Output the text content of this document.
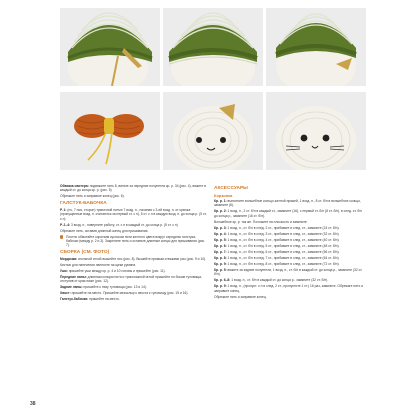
Обвязка свитера: подвяжите нить 8, виньте за передние полупетли кр. р. 34 (рис. 4), вяжите в каждый ст. до конца кр. р. (рис. 5)

Обрежьте нить и заправьте конец (рис. 6).

ГАЛСТУК-БАБОЧКА

Р. 1: (нч, 7 ноя, сторон) тряпичной нитью 7 возд. п., начиная с 3-ей возд. п. от крючка (пропущенные возд. п. считаются за первый ст. с н), 5 ст. с н в каждую возд. п. до конца р. (5 ст. с н)

Р. 2–4: 3 возд. п., поверните работу, ст. с н в каждый ст. до конца р. (5 ст. с н)

Обрежьте нить, оставив длинный конец для пришивания.

Плотно обмотайте коротким кусочком нити желтого цвета вокруг середины галстука-бабочки (между р. 2 и 3). Закрепите нить и оставьте длинные концы для пришивания (рис. 7).

СБОРКА (СМ. ФОТО)

Мордочка: игольной иглой вышейте нос (рис. 8). Вышейте прямым стежками усы (рис. 9 и 10).

Кистью для нанесения нанесите на щеки румяна.

Уши: пришейте уши между кр. р. 4 и 10 головы и пришейте (рис. 11).

Передние лапы: длинным концом нити и трикотажной иглой пришейте по бокам туловища, отступив от края ниже (рис. 12).

Задние лапы: пришейте к низу туловища (рис. 13 и 14).

Хвост: пришейте на место. Пришейте мезоклыр к хвоста к туловищу (рис. 15 и 16).

Галстук-бабочка: пришейте на место.

АКСЕССУАРЫ
Корзинка

Кр. р. 1: выполните волшебное кольцо желтой пряжей, 1 возд. п., 8 ст. б/н в волшебное кольцо, замкните (8).

Кр. р. 2: 1 возд. п., 2 ст. б/н в каждый ст., замкните (16), с первый ст. б/н (8 ст. б/н), в след. ст. б/н до конца р., замкните (16 ст. б/н).

Волшебное кр. р. так же. Положите на плоскость и замкните.

Кр. р. 3: 1 возд. п., ст. б/н в след. 2 ст., прибавьте в след. ст., замкните (24 ст. б/н).

Кр. р. 4: 1 возд. п., ст. б/н в след. 3 ст., прибавьте в след. ст., замкните (32 ст. б/н).

Кр. р. 5: 1 возд. п., ст. б/н в след. 4 ст., прибавьте в след. ст., замкните (40 ст. б/н).

Кр. р. 6: 1 возд. п., ст. б/н в след. 5 ст., прибавьте в след. ст., замкните (48 ст. б/н).

Кр. р. 7: 1 возд. п., ст. б/н в след. 6 ст., прибавьте в след. ст., замкните (56 ст. б/н).

Кр. р. 8: 1 возд. п., ст. б/н в след. 7 ст., прибавьте в след. ст., замкните (64 ст. б/н).

Кр. р. 9: 1 возд. п., ст. б/н в след. 8 ст., прибавьте в след. ст., замкните (72 ст. б/н).

Кр. р. 5: вяжите за задние полупетли, 1 возд. п., ст. б/н в каждый ст. до конца р., замкните (32 ст. б/н).

Кр. р. 6–8: 1 возд. п., ст. б/н в каждый ст. до конца р., замкните (32 ст. б/н).

Кр. р. 9: 1 возд. п., (пропуст. с н в след. 2 ст., пропустите 1 ст.) 16 раз, замкните. Обрежьте нить и заправьте конец.

Обрежьте нить и заправьте конец.

38
